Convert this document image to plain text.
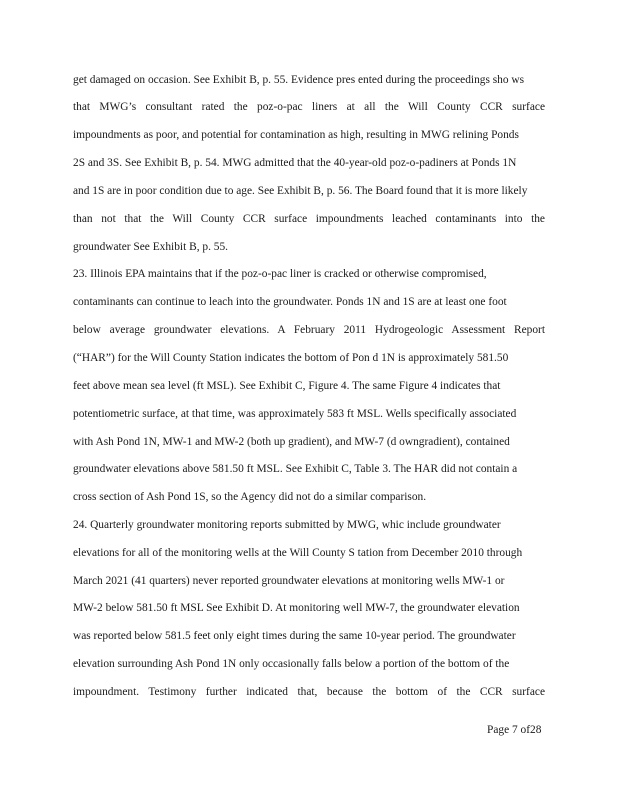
get damaged on occasion. See Exhibit B, p. 55. Evidence pres ented during the proceedings sho ws
that MWG’s consultant rated the poz-o-pac liners at all the Will County CCR surface
impoundments as poor, and potential for contamination as high, resulting in MWG relining Ponds
2S and 3S. See Exhibit B, p. 54. MWG admitted that the 40-year-old poz-o-padiners at Ponds 1N
and 1S are in poor condition due to age. See Exhibit B, p. 56. The Board found that it is more likely
than not that the Will County CCR surface impoundments leached contaminants into the
groundwater See Exhibit B, p. 55.
23. Illinois EPA maintains that if the poz-o-pac liner is cracked or otherwise compromised,
contaminants can continue to leach into the groundwater. Ponds 1N and 1S are at least one foot
below average groundwater elevations. A February 2011 Hydrogeologic Assessment Report
(“HAR”) for the Will County Station indicates the bottom of Pon d 1N is approximately 581.50
feet above mean sea level (ft MSL). See Exhibit C, Figure 4. The same Figure 4 indicates that
potentiometric surface, at that time, was approximately 583 ft MSL. Wells specifically associated
with Ash Pond 1N, MW-1 and MW-2 (both up gradient), and MW-7 (d owngradient), contained
groundwater elevations above 581.50 ft MSL. See Exhibit C, Table 3. The HAR did not contain a
cross section of Ash Pond 1S, so the Agency did not do a similar comparison.
24. Quarterly groundwater monitoring reports submitted by MWG, whic include groundwater
elevations for all of the monitoring wells at the Will County S tation from December 2010 through
March 2021 (41 quarters) never reported groundwater elevations at monitoring wells MW-1 or
MW-2 below 581.50 ft MSL See Exhibit D. At monitoring well MW-7, the groundwater elevation
was reported below 581.5 feet only eight times during the same 10-year period. The groundwater
elevation surrounding Ash Pond 1N only occasionally falls below a portion of the bottom of the
impoundment. Testimony further indicated that, because the bottom of the CCR surface
Page 7 of28
